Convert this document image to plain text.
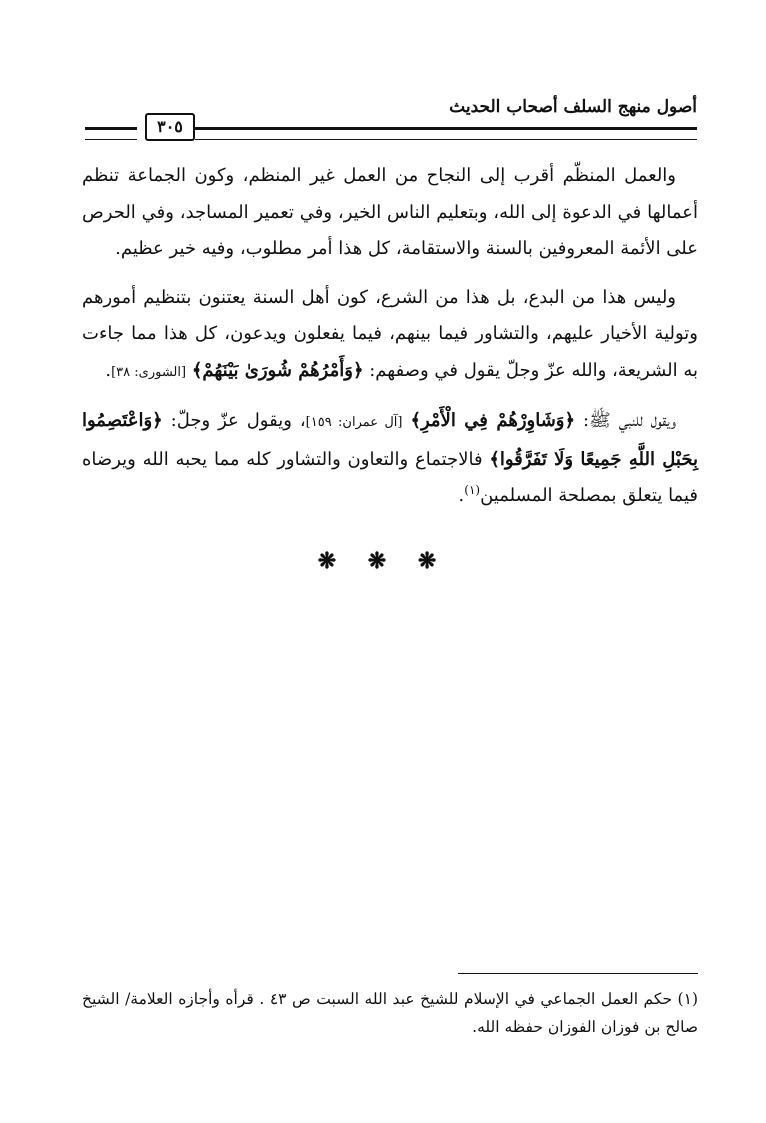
أصول منهج السلف أصحاب الحديث
٣٠٥

والعمل المنظّم أقرب إلى النجاح من العمل غير المنظم، وكون الجماعة تنظم أعمالها في الدعوة إلى الله، وبتعليم الناس الخير، وفي تعمير المساجد، وفي الحرص على الأئمة المعروفين بالسنة والاستقامة، كل هذا أمر مطلوب، وفيه خير عظيم.

وليس هذا من البدع، بل هذا من الشرع، كون أهل السنة يعتنون بتنظيم أمورهم وتولية الأخيار عليهم، والتشاور فيما بينهم، فيما يفعلون ويدعون، كل هذا مما جاءت به الشريعة، والله عزّ وجلّ يقول في وصفهم: ﴿وَأَمْرُهُمْ شُورَىٰ بَيْنَهُمْ﴾ [الشورى: ٣٨].

ويقول للنبي ﷺ: ﴿وَشَاوِرْهُمْ فِي الْأَمْرِ﴾ [آل عمران: ١٥٩]، ويقول عزّ وجلّ: ﴿وَاعْتَصِمُوا بِحَبْلِ اللَّهِ جَمِيعًا وَلَا تَفَرَّقُوا﴾ فالاجتماع والتعاون والتشاور كله مما يحبه الله ويرضاه فيما يتعلق بمصلحة المسلمين$^{(١)}$.

❋ ❋ ❋
(١) حكم العمل الجماعي في الإسلام للشيخ عبد الله السبت ص ٤٣ . قرأه وأجازه العلامة/ الشيخ صالح بن فوزان الفوزان حفظه الله.
